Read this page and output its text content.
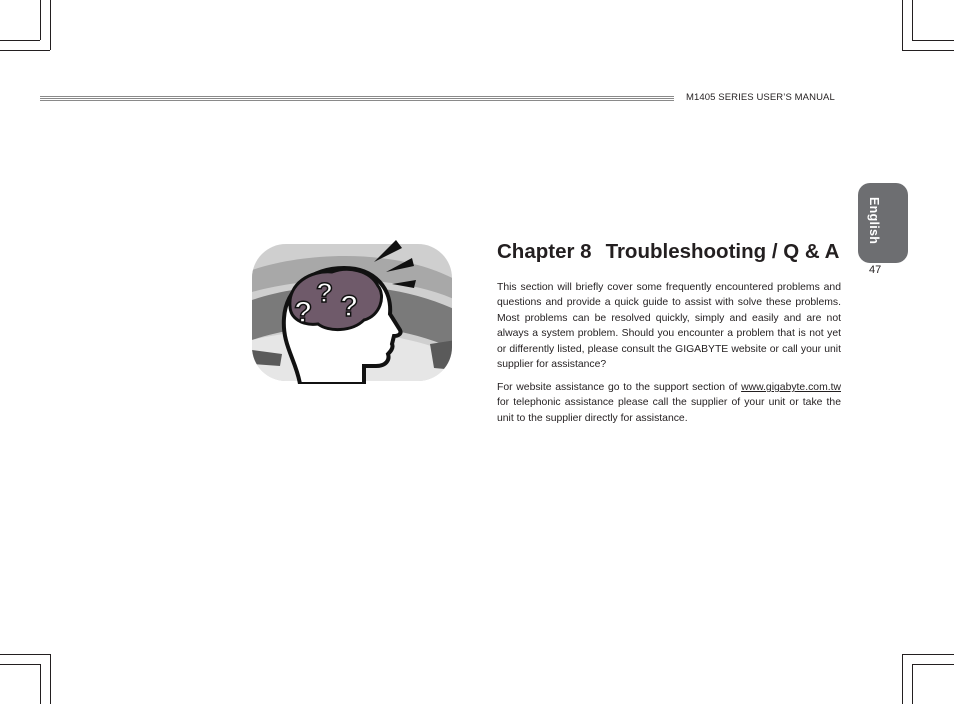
M1405 SERIES USER’S MANUAL
English
47
?
? ?
Chapter 8 Troubleshooting / Q & A
This section will briefly cover some frequently encountered problems and questions and provide a quick guide to assist with solve these problems. Most problems can be resolved quickly, simply and easily and are not always a system problem. Should you encounter a problem that is not yet or differently listed, please consult the GIGABYTE website or call your unit supplier for assistance?
For website assistance go to the support section of www.gigabyte.com.tw for telephonic assistance please call the supplier of your unit or take the unit to the supplier directly for assistance.
